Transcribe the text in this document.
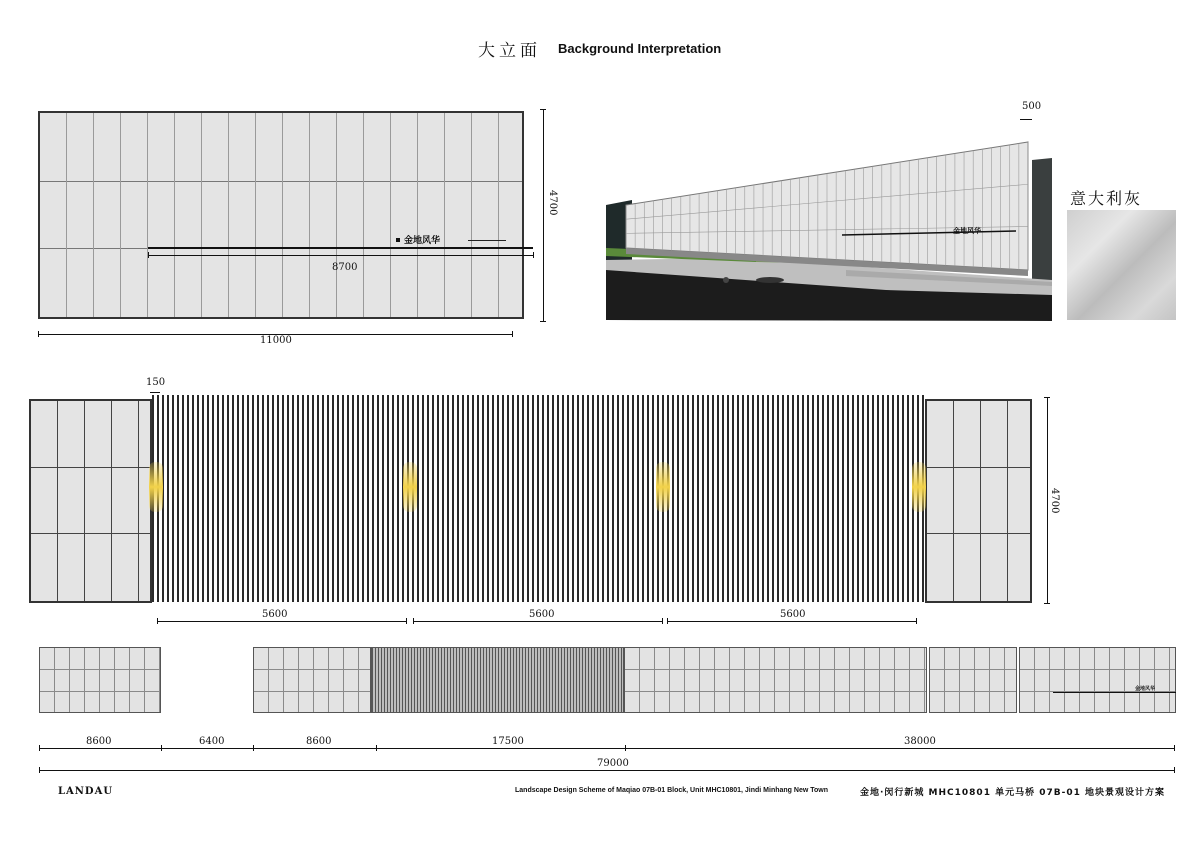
大立面 Background Interpretation
金地风华
8700
11000
4700
金地风华
500
意大利灰
150
4700
5600	5600	5600
金地风华
8600	6400	8600	17500	38000
79000
LANDAU	Landscape Design Scheme of Maqiao 07B-01 Block, Unit MHC10801, Jindi Minhang New Town	金地·闵行新城 MHC10801 单元马桥 07B-01 地块景观设计方案
